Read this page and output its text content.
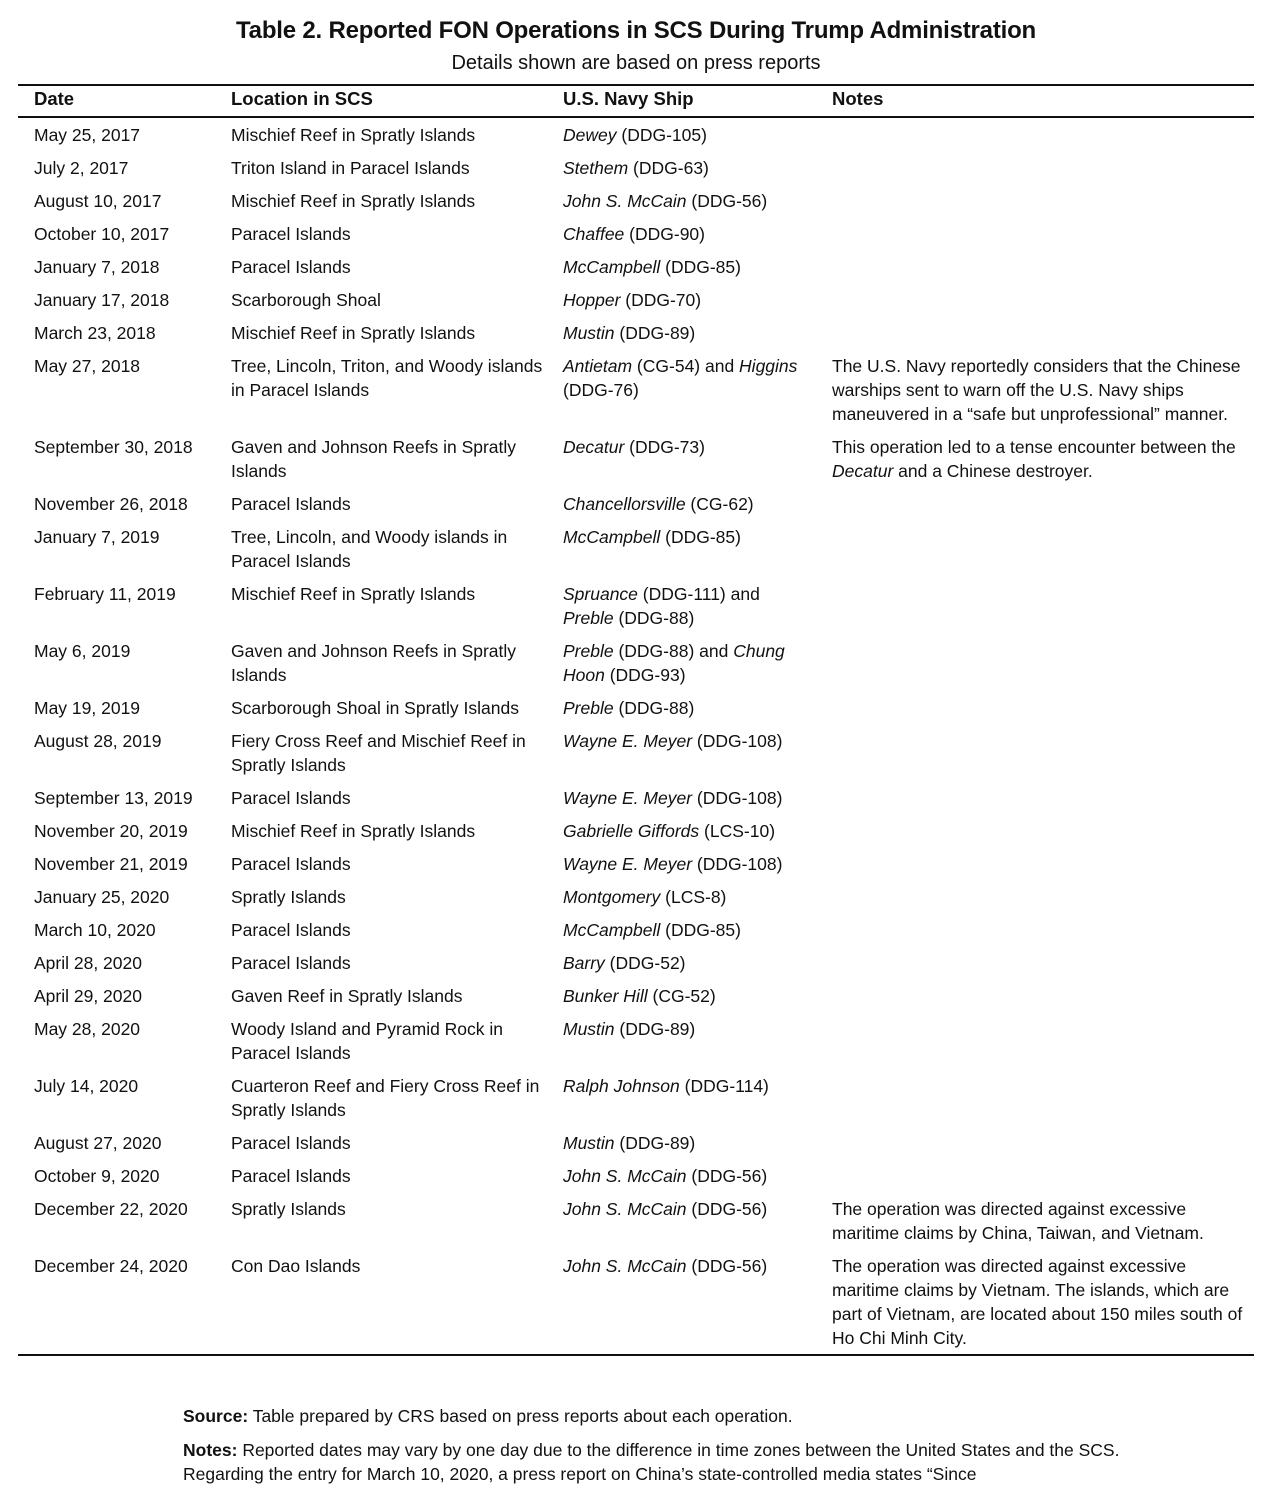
Table 2. Reported FON Operations in SCS During Trump Administration
Details shown are based on press reports
Date	Location in SCS	U.S. Navy Ship	Notes
May 25, 2017	Mischief Reef in Spratly Islands	Dewey (DDG-105)	
July 2, 2017	Triton Island in Paracel Islands	Stethem (DDG-63)	
August 10, 2017	Mischief Reef in Spratly Islands	John S. McCain (DDG-56)	
October 10, 2017	Paracel Islands	Chaffee (DDG-90)	
January 7, 2018	Paracel Islands	McCampbell (DDG-85)	
January 17, 2018	Scarborough Shoal	Hopper (DDG-70)	
March 23, 2018	Mischief Reef in Spratly Islands	Mustin (DDG-89)	
May 27, 2018	Tree, Lincoln, Triton, and Woody islands in Paracel Islands	Antietam (CG-54) and Higgins (DDG-76)	The U.S. Navy reportedly considers that the Chinese warships sent to warn off the U.S. Navy ships maneuvered in a “safe but unprofessional” manner.
September 30, 2018	Gaven and Johnson Reefs in Spratly Islands	Decatur (DDG-73)	This operation led to a tense encounter between the Decatur and a Chinese destroyer.
November 26, 2018	Paracel Islands	Chancellorsville (CG-62)	
January 7, 2019	Tree, Lincoln, and Woody islands in Paracel Islands	McCampbell (DDG-85)	
February 11, 2019	Mischief Reef in Spratly Islands	Spruance (DDG-111) and Preble (DDG-88)	
May 6, 2019	Gaven and Johnson Reefs in Spratly Islands	Preble (DDG-88) and Chung Hoon (DDG-93)	
May 19, 2019	Scarborough Shoal in Spratly Islands	Preble (DDG-88)	
August 28, 2019	Fiery Cross Reef and Mischief Reef in Spratly Islands	Wayne E. Meyer (DDG-108)	
September 13, 2019	Paracel Islands	Wayne E. Meyer (DDG-108)	
November 20, 2019	Mischief Reef in Spratly Islands	Gabrielle Giffords (LCS-10)	
November 21, 2019	Paracel Islands	Wayne E. Meyer (DDG-108)	
January 25, 2020	Spratly Islands	Montgomery (LCS-8)	
March 10, 2020	Paracel Islands	McCampbell (DDG-85)	
April 28, 2020	Paracel Islands	Barry (DDG-52)	
April 29, 2020	Gaven Reef in Spratly Islands	Bunker Hill (CG-52)	
May 28, 2020	Woody Island and Pyramid Rock in Paracel Islands	Mustin (DDG-89)	
July 14, 2020	Cuarteron Reef and Fiery Cross Reef in Spratly Islands	Ralph Johnson (DDG-114)	
August 27, 2020	Paracel Islands	Mustin (DDG-89)	
October 9, 2020	Paracel Islands	John S. McCain (DDG-56)	
December 22, 2020	Spratly Islands	John S. McCain (DDG-56)	The operation was directed against excessive maritime claims by China, Taiwan, and Vietnam.
December 24, 2020	Con Dao Islands	John S. McCain (DDG-56)	The operation was directed against excessive maritime claims by Vietnam. The islands, which are part of Vietnam, are located about 150 miles south of Ho Chi Minh City.
Source: Table prepared by CRS based on press reports about each operation.
Notes: Reported dates may vary by one day due to the difference in time zones between the United States and the SCS. Regarding the entry for March 10, 2020, a press report on China’s state-controlled media states “Since
